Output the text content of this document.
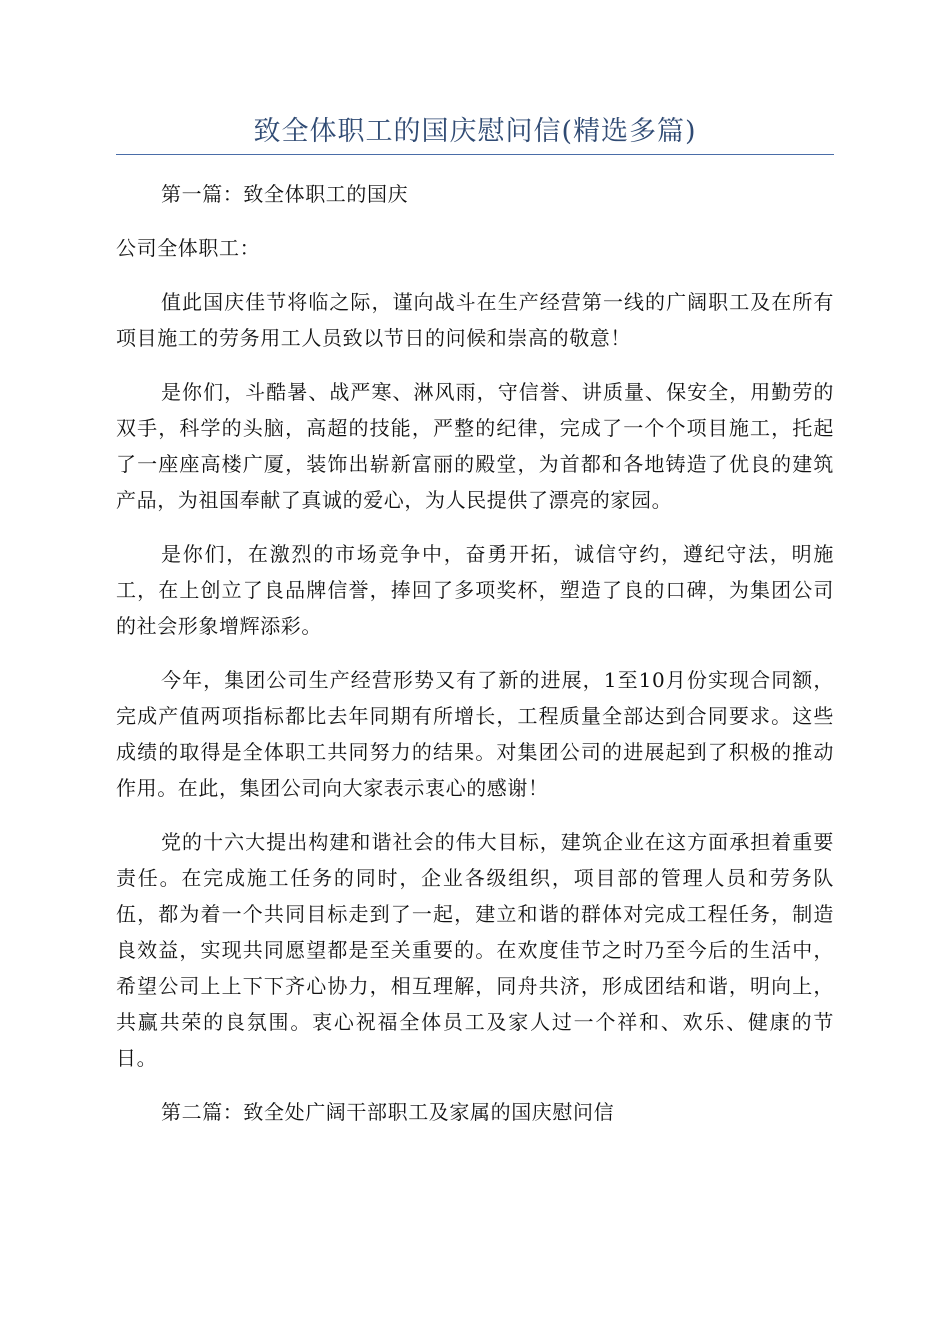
致全体职工的国庆慰问信(精选多篇)

第一篇：致全体职工的国庆

公司全体职工：

值此国庆佳节将临之际，谨向战斗在生产经营第一线的广阔职工及在所有项目施工的劳务用工人员致以节日的问候和崇高的敬意！

是你们，斗酷暑、战严寒、淋风雨，守信誉、讲质量、保安全，用勤劳的双手，科学的头脑，高超的技能，严整的纪律，完成了一个个项目施工，托起了一座座高楼广厦，装饰出崭新富丽的殿堂，为首都和各地铸造了优良的建筑产品，为祖国奉献了真诚的爱心，为人民提供了漂亮的家园。

是你们，在激烈的市场竞争中，奋勇开拓，诚信守约，遵纪守法，明施工，在上创立了良品牌信誉，捧回了多项奖杯，塑造了良的口碑，为集团公司的社会形象增辉添彩。

今年，集团公司生产经营形势又有了新的进展，1至10月份实现合同额，完成产值两项指标都比去年同期有所增长，工程质量全部达到合同要求。这些成绩的取得是全体职工共同努力的结果。对集团公司的进展起到了积极的推动作用。在此，集团公司向大家表示衷心的感谢！

党的十六大提出构建和谐社会的伟大目标，建筑企业在这方面承担着重要责任。在完成施工任务的同时，企业各级组织，项目部的管理人员和劳务队伍，都为着一个共同目标走到了一起，建立和谐的群体对完成工程任务，制造良效益，实现共同愿望都是至关重要的。在欢度佳节之时乃至今后的生活中，希望公司上上下下齐心协力，相互理解，同舟共济，形成团结和谐，明向上，共赢共荣的良氛围。衷心祝福全体员工及家人过一个祥和、欢乐、健康的节日。

第二篇：致全处广阔干部职工及家属的国庆慰问信
